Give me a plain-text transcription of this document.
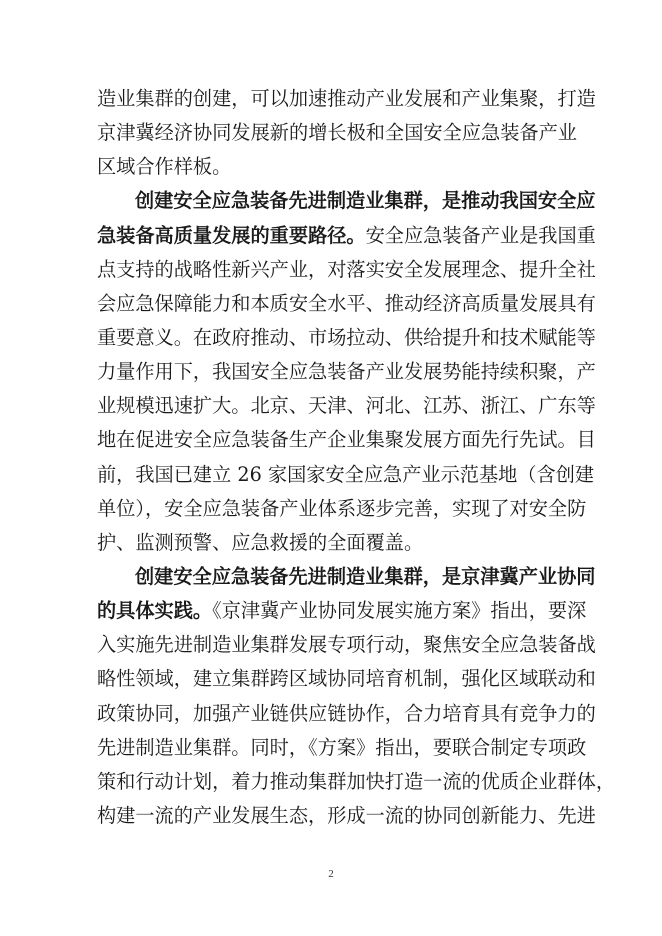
造业集群的创建，可以加速推动产业发展和产业集聚，打造
京津冀经济协同发展新的增长极和全国安全应急装备产业
区域合作样板。
创建安全应急装备先进制造业集群，是推动我国安全应
急装备高质量发展的重要路径。安全应急装备产业是我国重
点支持的战略性新兴产业，对落实安全发展理念、提升全社
会应急保障能力和本质安全水平、推动经济高质量发展具有
重要意义。在政府推动、市场拉动、供给提升和技术赋能等
力量作用下，我国安全应急装备产业发展势能持续积聚，产
业规模迅速扩大。北京、天津、河北、江苏、浙江、广东等
地在促进安全应急装备生产企业集聚发展方面先行先试。目
前，我国已建立 26 家国家安全应急产业示范基地（含创建
单位），安全应急装备产业体系逐步完善，实现了对安全防
护、监测预警、应急救援的全面覆盖。
创建安全应急装备先进制造业集群，是京津冀产业协同
的具体实践。《京津冀产业协同发展实施方案》指出，要深
入实施先进制造业集群发展专项行动，聚焦安全应急装备战
略性领域，建立集群跨区域协同培育机制，强化区域联动和
政策协同，加强产业链供应链协作，合力培育具有竞争力的
先进制造业集群。同时，《方案》指出，要联合制定专项政
策和行动计划，着力推动集群加快打造一流的优质企业群体，
构建一流的产业发展生态，形成一流的协同创新能力、先进
2
